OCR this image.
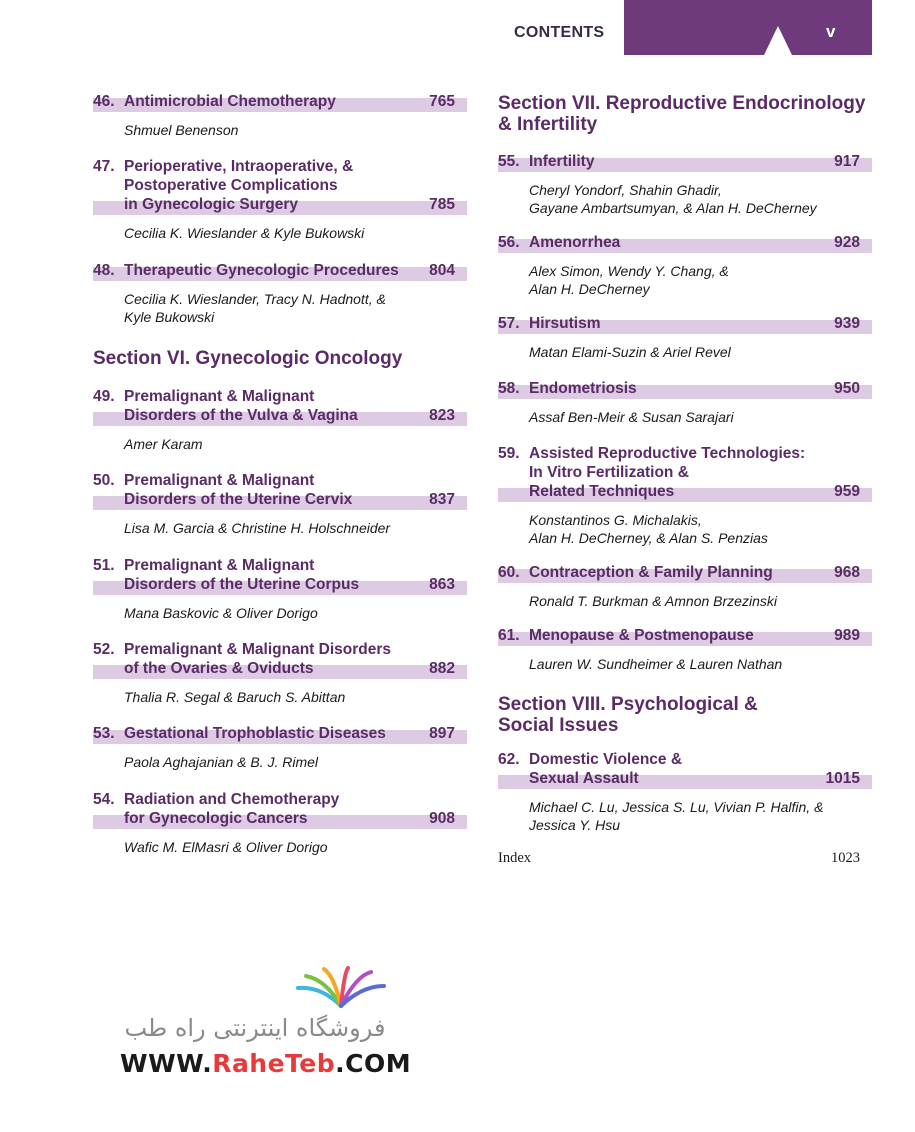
CONTENTS	v
46. Antimicrobial Chemotherapy	765
Shmuel Benenson
47. Perioperative, Intraoperative, &
Postoperative Complications
in Gynecologic Surgery	785
Cecilia K. Wieslander & Kyle Bukowski
48. Therapeutic Gynecologic Procedures 804
Cecilia K. Wieslander, Tracy N. Hadnott, &
Kyle Bukowski
Section VI. Gynecologic Oncology
49. Premalignant & Malignant
Disorders of the Vulva & Vagina	823
Amer Karam
50. Premalignant & Malignant
Disorders of the Uterine Cervix	837
Lisa M. Garcia & Christine H. Holschneider
51. Premalignant & Malignant
Disorders of the Uterine Corpus	863
Mana Baskovic & Oliver Dorigo
52. Premalignant & Malignant Disorders
of the Ovaries & Oviducts	882
Thalia R. Segal & Baruch S. Abittan
53. Gestational Trophoblastic Diseases	897
Paola Aghajanian & B. J. Rimel
54. Radiation and Chemotherapy
for Gynecologic Cancers	908
Wafic M. ElMasri & Oliver Dorigo
Section VII. Reproductive Endocrinology
& Infertility
55. Infertility	917
Cheryl Yondorf, Shahin Ghadir,
Gayane Ambartsumyan, & Alan H. DeCherney
56. Amenorrhea	928
Alex Simon, Wendy Y. Chang, &
Alan H. DeCherney
57. Hirsutism	939
Matan Elami-Suzin & Ariel Revel
58. Endometriosis	950
Assaf Ben-Meir & Susan Sarajari
59. Assisted Reproductive Technologies:
In Vitro Fertilization &
Related Techniques	959
Konstantinos G. Michalakis,
Alan H. DeCherney, & Alan S. Penzias
60. Contraception & Family Planning	968
Ronald T. Burkman & Amnon Brzezinski
61. Menopause & Postmenopause	989
Lauren W. Sundheimer & Lauren Nathan
Section VIII. Psychological &
Social Issues
62. Domestic Violence &
Sexual Assault	1015
Michael C. Lu, Jessica S. Lu, Vivian P. Halfin, &
Jessica Y. Hsu
Index	1023
فروشگاه اینترنتی راه طب
WWW.RaheTeb.COM
